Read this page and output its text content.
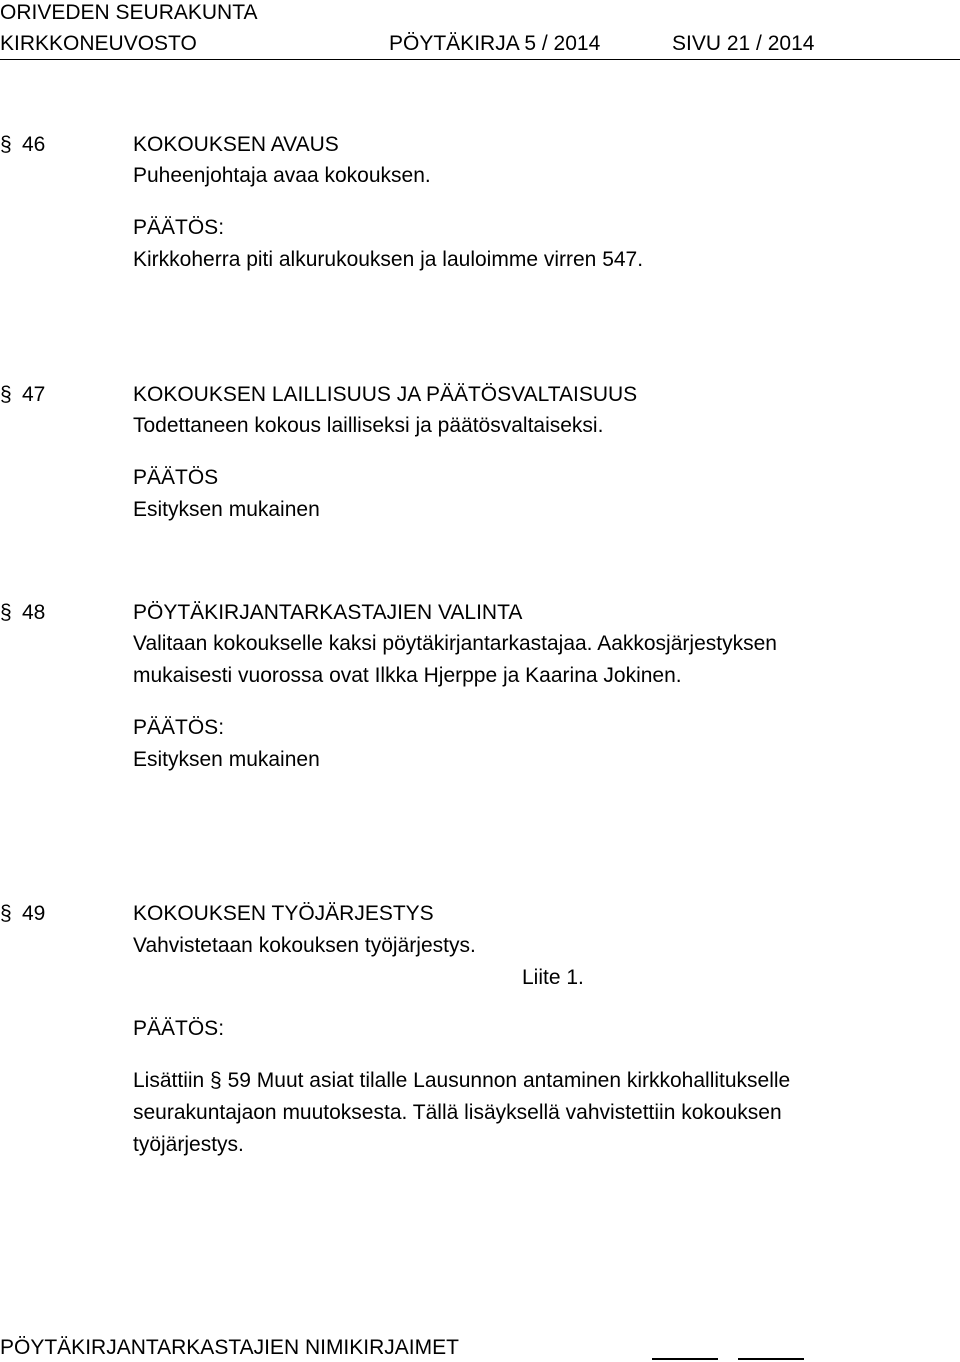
ORIVEDEN SEURAKUNTA
KIRKKONEUVOSTO	PÖYTÄKIRJA 5 / 2014	SIVU 21 / 2014
§ 46	KOKOUKSEN AVAUS
Puheenjohtaja avaa kokouksen.
PÄÄTÖS:
Kirkkoherra piti alkurukouksen ja lauloimme virren 547.
§ 47	KOKOUKSEN LAILLISUUS JA PÄÄTÖSVALTAISUUS
Todettaneen kokous lailliseksi ja päätösvaltaiseksi.
PÄÄTÖS
Esityksen mukainen
§ 48	PÖYTÄKIRJANTARKASTAJIEN VALINTA
Valitaan kokoukselle kaksi pöytäkirjantarkastajaa. Aakkosjärjestyksen
mukaisesti vuorossa ovat Ilkka Hjerppe ja Kaarina Jokinen.
PÄÄTÖS:
Esityksen mukainen
§ 49	KOKOUKSEN TYÖJÄRJESTYS
Vahvistetaan kokouksen työjärjestys.
Liite 1.
PÄÄTÖS:
Lisättiin § 59 Muut asiat tilalle Lausunnon antaminen kirkkohallitukselle
seurakuntajaon muutoksesta. Tällä lisäyksellä vahvistettiin kokouksen
työjärjestys.
PÖYTÄKIRJANTARKASTAJIEN NIMIKIRJAIMET
